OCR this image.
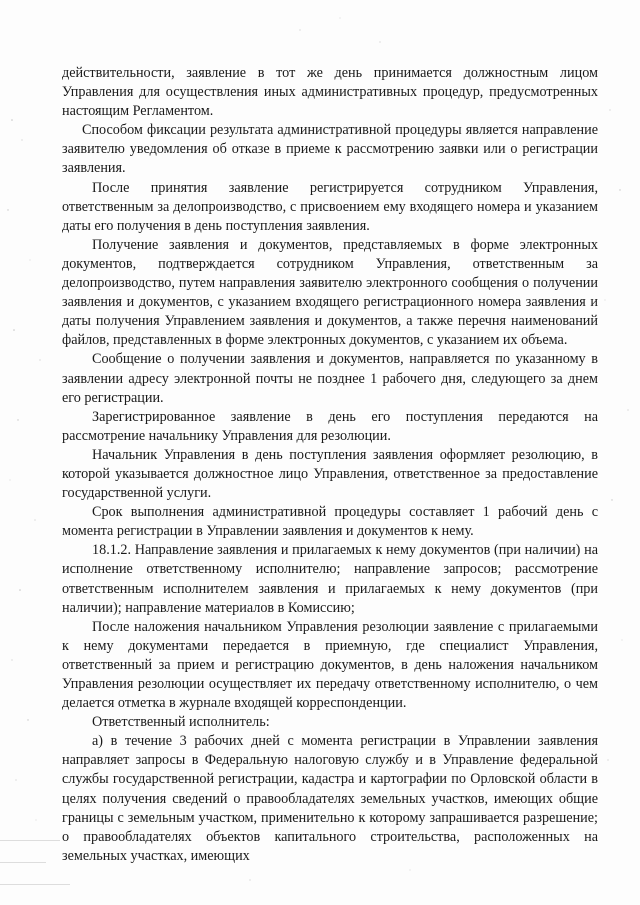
действительности, заявление в тот же день принимается должностным лицом Управления для осуществления иных административных процедур, предусмотренных настоящим Регламентом.

Способом фиксации результата административной процедуры является направление заявителю уведомления об отказе в приеме к рассмотрению заявки или о регистрации заявления.

После принятия заявление регистрируется сотрудником Управления, ответственным за делопроизводство, с присвоением ему входящего номера и указанием даты его получения в день поступления заявления.

Получение заявления и документов, представляемых в форме электронных документов, подтверждается сотрудником Управления, ответственным за делопроизводство, путем направления заявителю электронного сообщения о получении заявления и документов, с указанием входящего регистрационного номера заявления и даты получения Управлением заявления и документов, а также перечня наименований файлов, представленных в форме электронных документов, с указанием их объема.

Сообщение о получении заявления и документов, направляется по указанному в заявлении адресу электронной почты не позднее 1 рабочего дня, следующего за днем его регистрации.

Зарегистрированное заявление в день его поступления передаются на рассмотрение начальнику Управления для резолюции.

Начальник Управления в день поступления заявления оформляет резолюцию, в которой указывается должностное лицо Управления, ответственное за предоставление государственной услуги.

Срок выполнения административной процедуры составляет 1 рабочий день с момента регистрации в Управлении заявления и документов к нему.

18.1.2. Направление заявления и прилагаемых к нему документов (при наличии) на исполнение ответственному исполнителю; направление запросов; рассмотрение ответственным исполнителем заявления и прилагаемых к нему документов (при наличии); направление материалов в Комиссию;

После наложения начальником Управления резолюции заявление с прилагаемыми к нему документами передается в приемную, где специалист Управления, ответственный за прием и регистрацию документов, в день наложения начальником Управления резолюции осуществляет их передачу ответственному исполнителю, о чем делается отметка в журнале входящей корреспонденции.

Ответственный исполнитель:

а) в течение 3 рабочих дней с момента регистрации в Управлении заявления направляет запросы в Федеральную налоговую службу и в Управление федеральной службы государственной регистрации, кадастра и картографии по Орловской области в целях получения сведений о правообладателях земельных участков, имеющих общие границы с земельным участком, применительно к которому запрашивается разрешение; о правообладателях объектов капитального строительства, расположенных на земельных участках, имеющих
